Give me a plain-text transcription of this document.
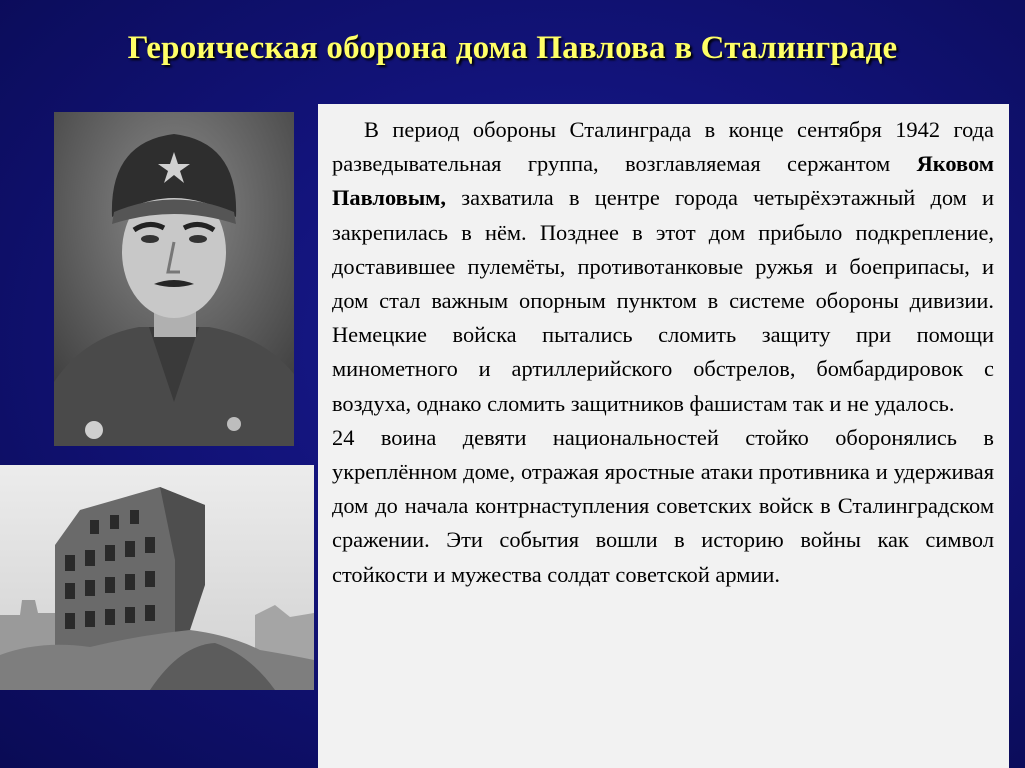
Героическая оборона дома Павлова в Сталинграде

В период обороны Сталинграда в конце сентября 1942 года разведывательная группа, возглавляемая сержантом Яковом Павловым, захватила в центре города четырёхэтажный дом и закрепилась в нём. Позднее в этот дом прибыло подкрепление, доставившее пулемёты, противотанковые ружья и боеприпасы, и дом стал важным опорным пунктом в системе обороны дивизии. Немецкие войска пытались сломить защиту при помощи минометного и артиллерийского обстрелов, бомбардировок с воздуха, однако сломить защитников фашистам так и не удалось.

24 воина девяти национальностей стойко оборонялись в укреплённом доме, отражая яростные атаки противника и удерживая дом до начала контрнаступления советских войск в Сталинградском сражении. Эти события вошли в историю войны как символ стойкости и мужества солдат советской армии.
